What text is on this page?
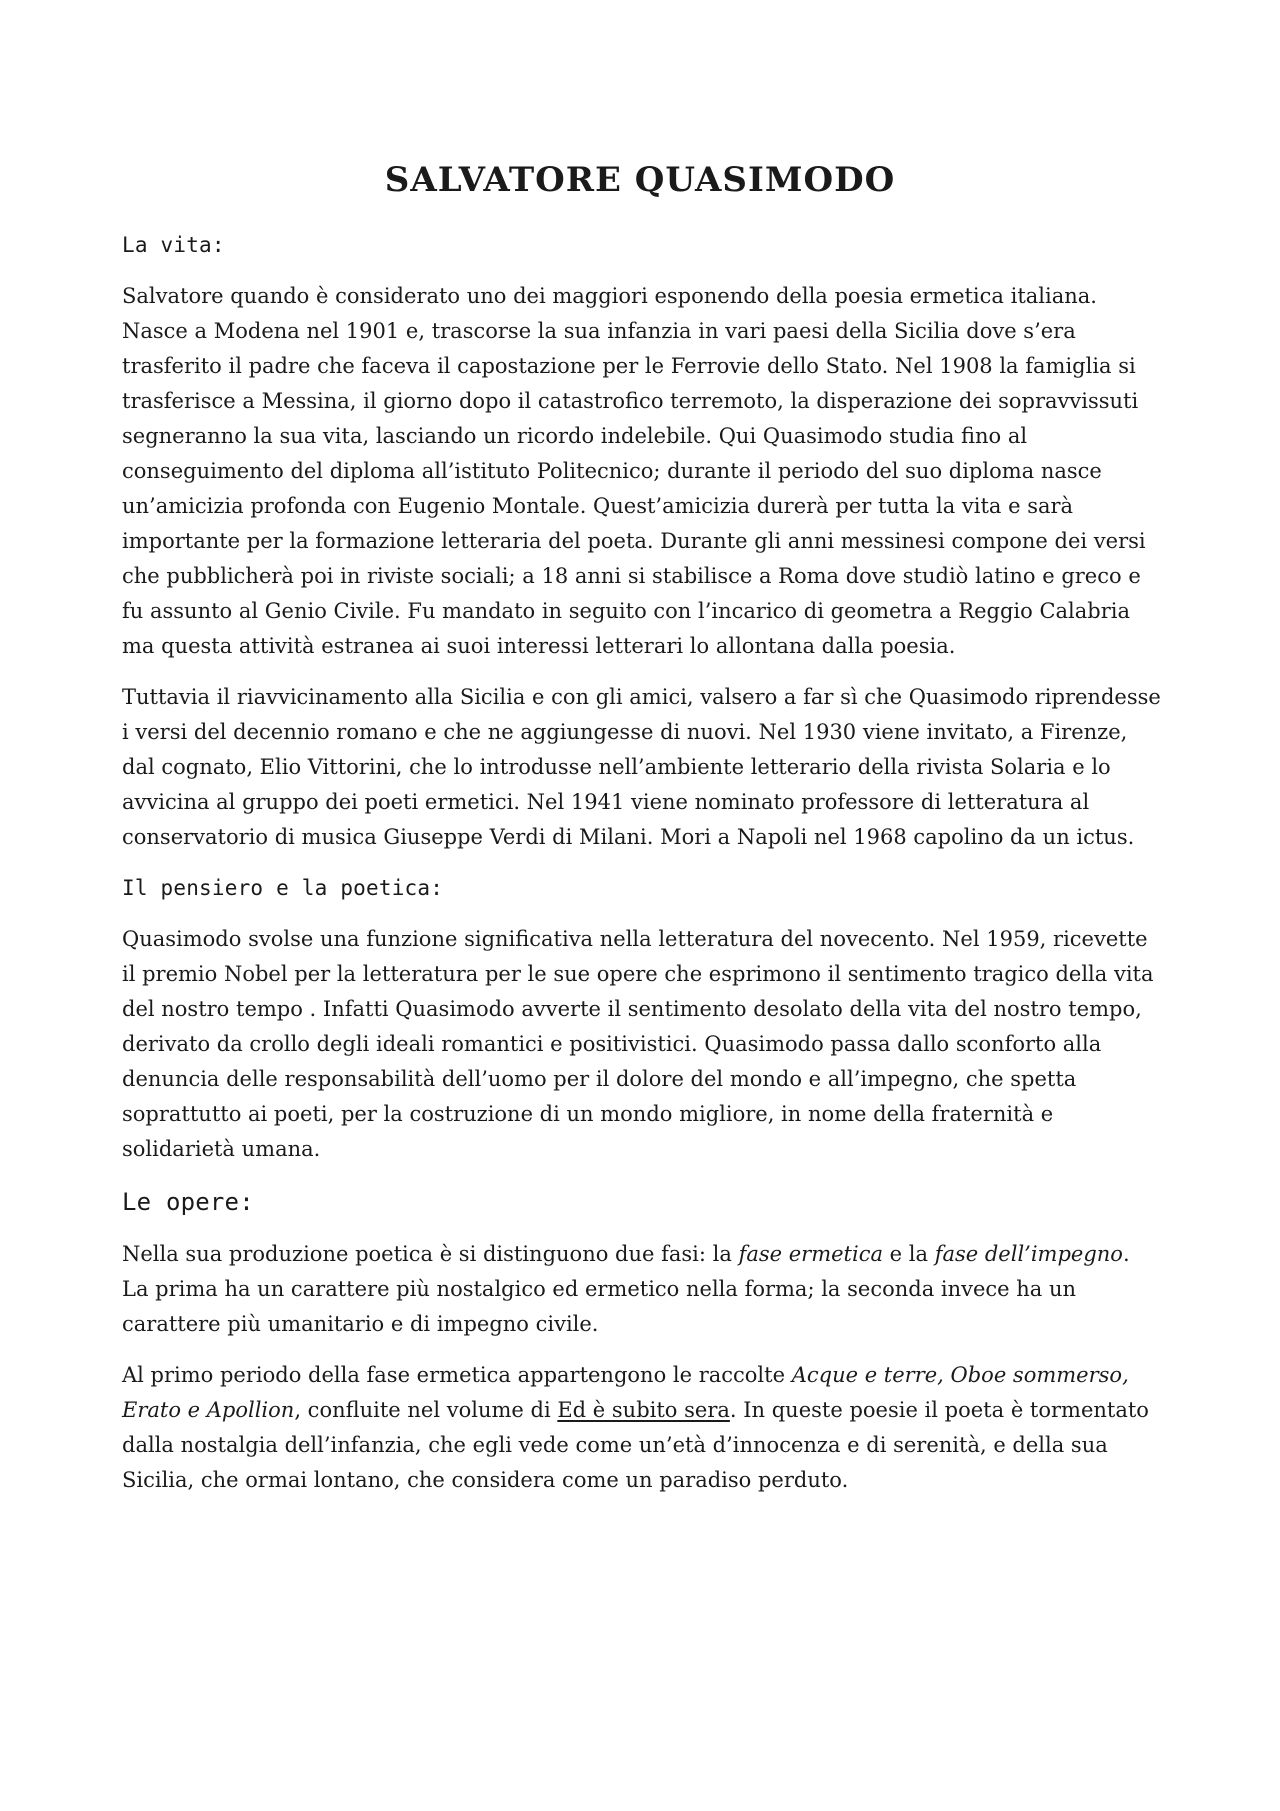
SALVATORE QUASIMODO
La vita:

Salvatore quando è considerato uno dei maggiori esponendo della poesia ermetica italiana. Nasce a Modena nel 1901 e, trascorse la sua infanzia in vari paesi della Sicilia dove s’era trasferito il padre che faceva il capostazione per le Ferrovie dello Stato. Nel 1908 la famiglia si trasferisce a Messina, il giorno dopo il catastrofico terremoto, la disperazione dei sopravvissuti segneranno la sua vita, lasciando un ricordo indelebile. Qui Quasimodo studia fino al conseguimento del diploma all’istituto Politecnico; durante il periodo del suo diploma nasce un’amicizia profonda con Eugenio Montale. Quest’amicizia durerà per tutta la vita e sarà importante per la formazione letteraria del poeta. Durante gli anni messinesi compone dei versi che pubblicherà poi in riviste sociali; a 18 anni si stabilisce a Roma dove studiò latino e greco e fu assunto al Genio Civile. Fu mandato in seguito con l’incarico di geometra a Reggio Calabria ma questa attività estranea ai suoi interessi letterari lo allontana dalla poesia.

Tuttavia il riavvicinamento alla Sicilia e con gli amici, valsero a far sì che Quasimodo riprendesse i versi del decennio romano e che ne aggiungesse di nuovi. Nel 1930 viene invitato, a Firenze, dal cognato, Elio Vittorini, che lo introdusse nell’ambiente letterario della rivista Solaria e lo avvicina al gruppo dei poeti ermetici. Nel 1941 viene nominato professore di letteratura al conservatorio di musica Giuseppe Verdi di Milani. Mori a Napoli nel 1968 capolino da un ictus.

Il pensiero e la poetica:

Quasimodo svolse una funzione significativa nella letteratura del novecento. Nel 1959, ricevette il premio Nobel per la letteratura per le sue opere che esprimono il sentimento tragico della vita del nostro tempo . Infatti Quasimodo avverte il sentimento desolato della vita del nostro tempo, derivato da crollo degli ideali romantici e positivistici. Quasimodo passa dallo sconforto alla denuncia delle responsabilità dell’uomo per il dolore del mondo e all’impegno, che spetta soprattutto ai poeti, per la costruzione di un mondo migliore, in nome della fraternità e solidarietà umana.

Le opere:

Nella sua produzione poetica è si distinguono due fasi: la fase ermetica e la fase dell’impegno. La prima ha un carattere più nostalgico ed ermetico nella forma; la seconda invece ha un carattere più umanitario e di impegno civile.

Al primo periodo della fase ermetica appartengono le raccolte Acque e terre, Oboe sommerso, Erato e Apollion, confluite nel volume di Ed è subito sera. In queste poesie il poeta è tormentato dalla nostalgia dell’infanzia, che egli vede come un’età d’innocenza e di serenità, e della sua Sicilia, che ormai lontano, che considera come un paradiso perduto.
